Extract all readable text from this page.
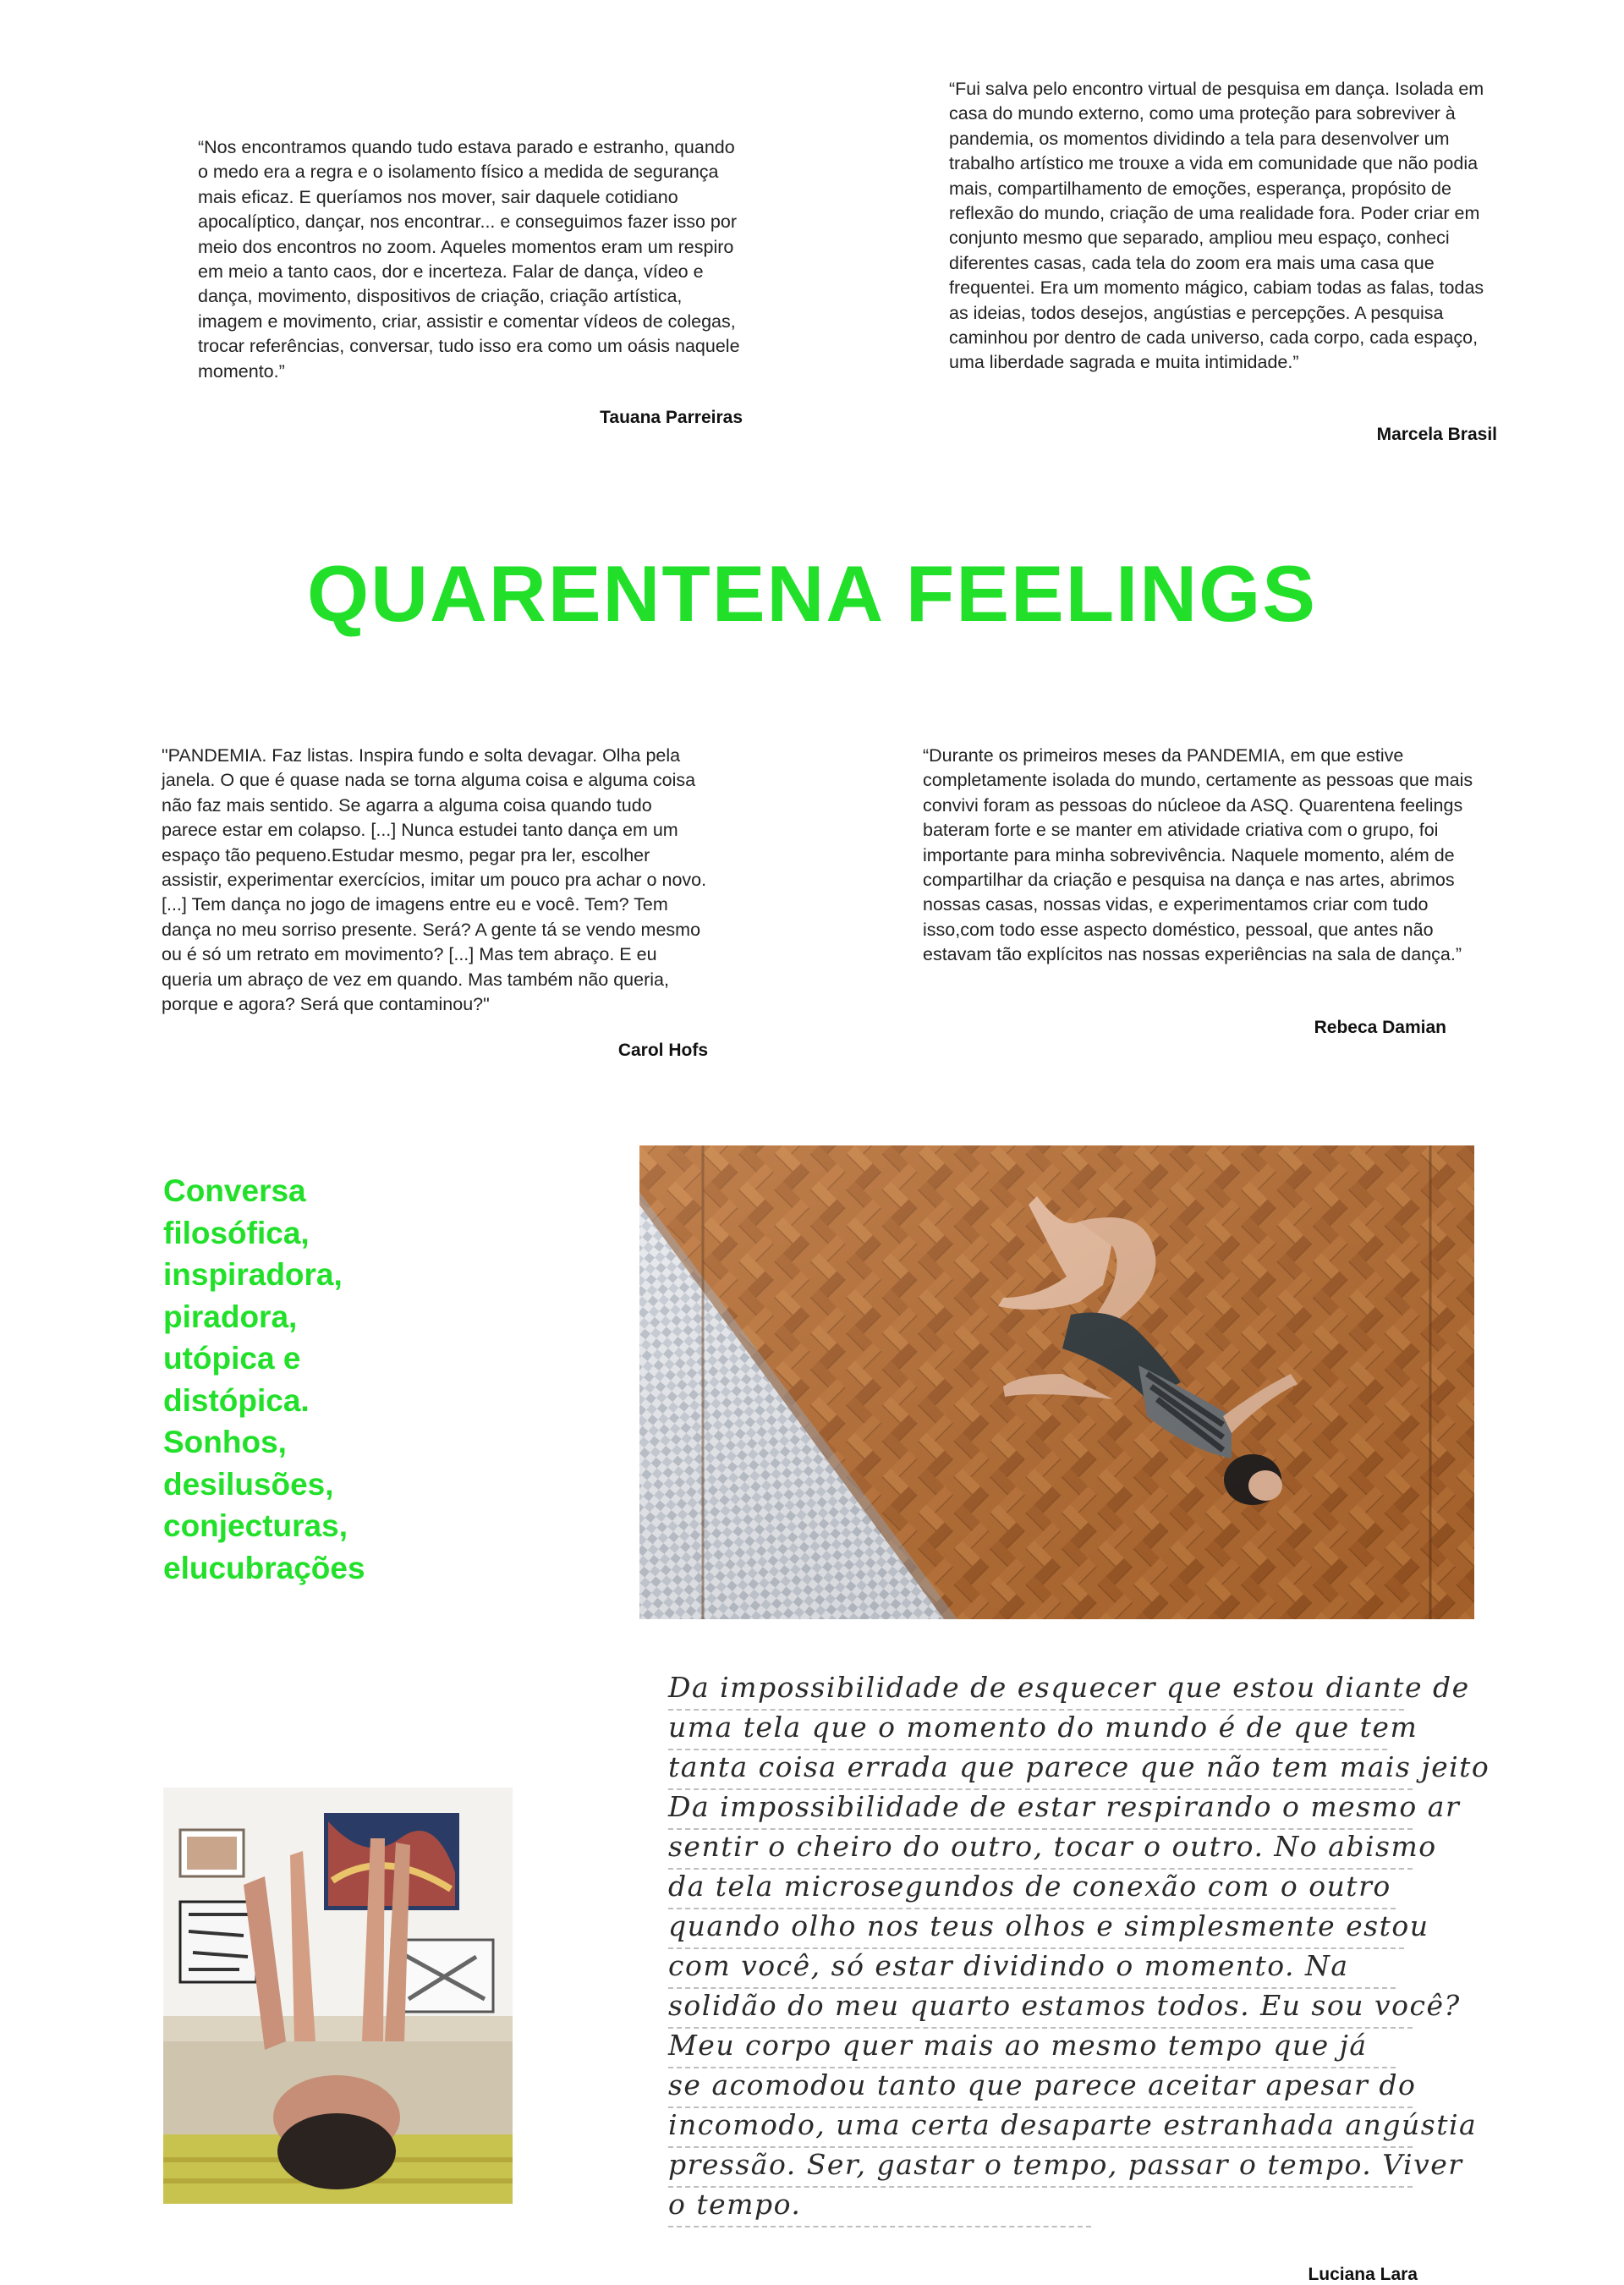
“Nos encontramos quando tudo estava parado e estranho, quando o medo era a regra e o isolamento físico a medida de segurança mais eficaz. E queríamos nos mover, sair daquele cotidiano apocalíptico, dançar, nos encontrar... e conseguimos fazer isso por meio dos encontros no zoom. Aqueles momentos eram um respiro em meio a tanto caos, dor e incerteza. Falar de dança, vídeo e dança, movimento, dispositivos de criação, criação artística, imagem e movimento, criar, assistir e comentar vídeos de colegas, trocar referências, conversar, tudo isso era como um oásis naquele momento.”
Tauana Parreiras
“Fui salva pelo encontro virtual de pesquisa em dança. Isolada em casa do mundo externo, como uma proteção para sobreviver à pandemia, os momentos dividindo a tela para desenvolver um trabalho artístico me trouxe a vida em comunidade que não podia mais, compartilhamento de emoções, esperança, propósito de reflexão do mundo, criação de uma realidade fora. Poder criar em conjunto mesmo que separado, ampliou meu espaço, conheci diferentes casas, cada tela do zoom era mais uma casa que frequentei. Era um momento mágico, cabiam todas as falas, todas as ideias, todos desejos, angústias e percepções. A pesquisa caminhou por dentro de cada universo, cada corpo, cada espaço, uma liberdade sagrada e muita intimidade.”
Marcela Brasil
QUARENTENA FEELINGS
"PANDEMIA. Faz listas. Inspira fundo e solta devagar. Olha pela janela. O que é quase nada se torna alguma coisa e alguma coisa não faz mais sentido. Se agarra a alguma coisa quando tudo parece estar em colapso. [...] Nunca estudei tanto dança em um espaço tão pequeno.Estudar mesmo, pegar pra ler, escolher assistir, experimentar exercícios, imitar um pouco pra achar o novo. [...] Tem dança no jogo de imagens entre eu e você. Tem? Tem dança no meu sorriso presente. Será? A gente tá se vendo mesmo ou é só um retrato em movimento? [...] Mas tem abraço. E eu queria um abraço de vez em quando. Mas também não queria, porque e agora? Será que contaminou?"
Carol Hofs
“Durante os primeiros meses da PANDEMIA, em que estive completamente isolada do mundo, certamente as pessoas que mais convivi foram as pessoas do núcleoe da ASQ. Quarentena feelings bateram forte e se manter em atividade criativa com o grupo, foi importante para minha sobrevivência. Naquele momento, além de compartilhar da criação e pesquisa na dança e nas artes, abrimos nossas casas, nossas vidas, e experimentamos criar com tudo isso,com todo esse aspecto doméstico, pessoal, que antes não estavam tão explícitos nas nossas experiências na sala de dança.”
Rebeca Damian
Conversa filosófica, inspiradora, piradora, utópica e distópica. Sonhos, desilusões, conjecturas, elucubrações
Da impossibilidade de esquecer que estou diante de
uma tela que o momento do mundo é de que tem
tanta coisa errada que parece que não tem mais jeito
Da impossibilidade de estar respirando o mesmo ar
sentir o cheiro do outro, tocar o outro. No abismo
da tela microsegundos de conexão com o outro
quando olho nos teus olhos e simplesmente estou
com você, só estar dividindo o momento. Na
solidão do meu quarto estamos todos. Eu sou você?
Meu corpo quer mais ao mesmo tempo que já
se acomodou tanto que parece aceitar apesar do
incomodo, uma certa desaparte estranhada angústia
pressão. Ser, gastar o tempo, passar o tempo. Viver
o tempo.
Luciana Lara
